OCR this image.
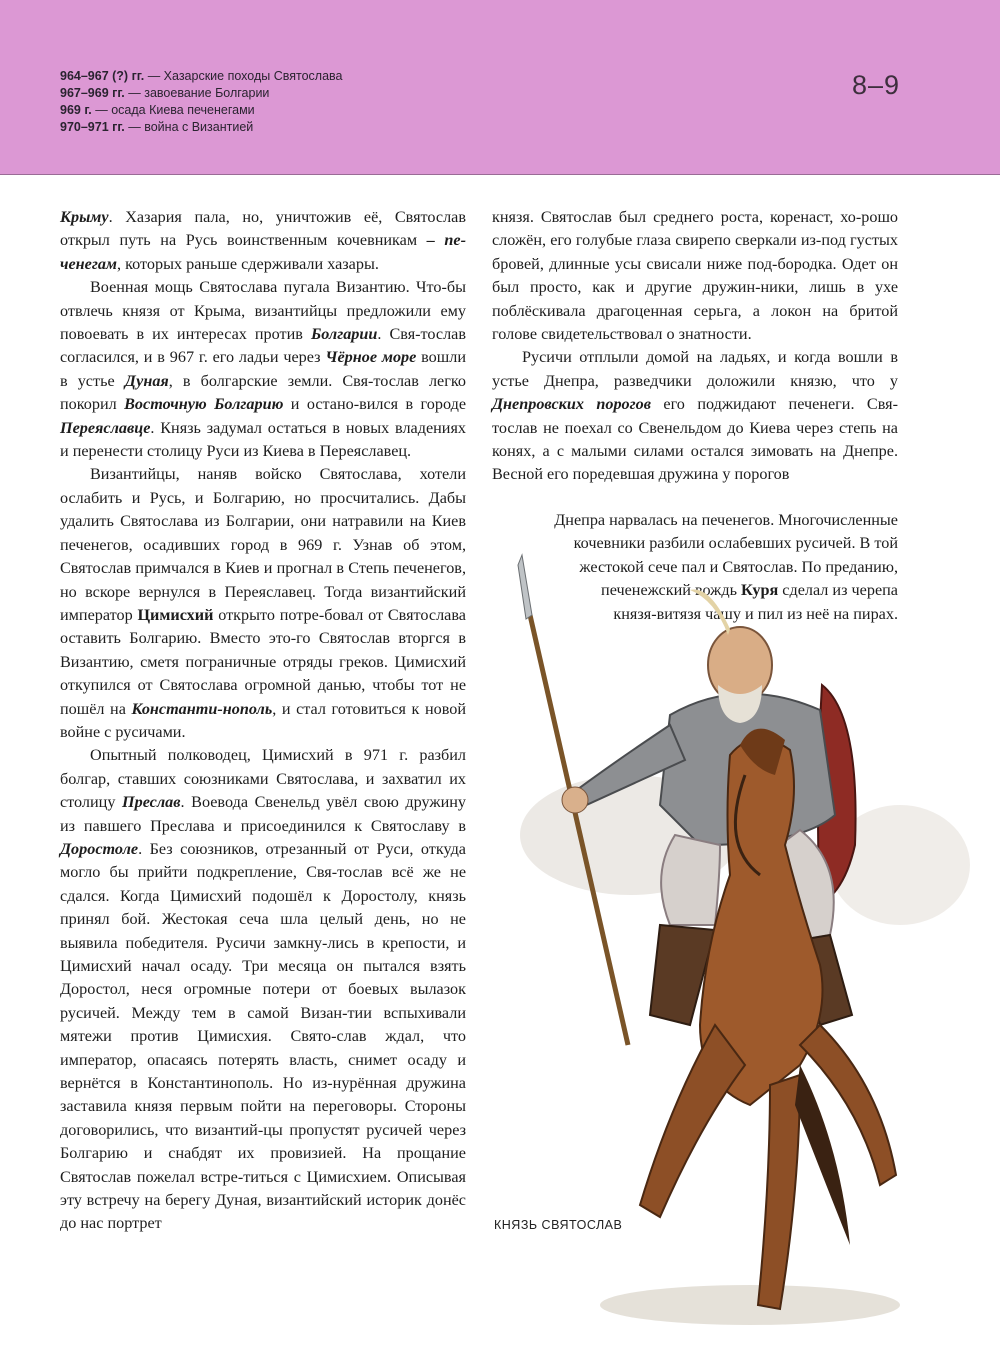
964–967 (?) гг. — Хазарские походы Святослава
967–969 гг. — завоевание Болгарии
969 г. — осада Киева печенегами
970–971 гг. — война с Византией
8–9

Крыму. Хазария пала, но, уничтожив её, Святослав открыл путь на Русь воинственным кочевникам – пе-ченегам, которых раньше сдерживали хазары.

Военная мощь Святослава пугала Византию. Что-бы отвлечь князя от Крыма, византийцы предложили ему повоевать в их интересах против Болгарии. Свя-тослав согласился, и в 967 г. его ладьи через Чёрное море вошли в устье Дуная, в болгарские земли. Свя-тослав легко покорил Восточную Болгарию и остано-вился в городе Переяславце. Князь задумал остаться в новых владениях и перенести столицу Руси из Киева в Переяславец.

Византийцы, наняв войско Святослава, хотели ослабить и Русь, и Болгарию, но просчитались. Дабы удалить Святослава из Болгарии, они натравили на Киев печенегов, осадивших город в 969 г. Узнав об этом, Святослав примчался в Киев и прогнал в Степь печенегов, но вскоре вернулся в Переяславец. Тогда византийский император Цимисхий открыто потре-бовал от Святослава оставить Болгарию. Вместо это-го Святослав вторгся в Византию, сметя пограничные отряды греков. Цимисхий откупился от Святослава огромной данью, чтобы тот не пошёл на Константи-нополь, и стал готовиться к новой войне с русичами.

Опытный полководец, Цимисхий в 971 г. разбил болгар, ставших союзниками Святослава, и захватил их столицу Преслав. Воевода Свенельд увёл свою дружину из павшего Преслава и присоединился к Святославу в Доростоле. Без союзников, отрезанный от Руси, откуда могло бы прийти подкрепление, Свя-тослав всё же не сдался. Когда Цимисхий подошёл к Доростолу, князь принял бой. Жестокая сеча шла целый день, но не выявила победителя. Русичи замкну-лись в крепости, и Цимисхий начал осаду. Три месяца он пытался взять Доростол, неся огромные потери от боевых вылазок русичей. Между тем в самой Визан-тии вспыхивали мятежи против Цимисхия. Свято-слав ждал, что император, опасаясь потерять власть, снимет осаду и вернётся в Константинополь. Но из-нурённая дружина заставила князя первым пойти на переговоры. Стороны договорились, что византий-цы пропустят русичей через Болгарию и снабдят их провизией. На прощание Святослав пожелал встре-титься с Цимисхием. Описывая эту встречу на берегу Дуная, византийский историк донёс до нас портрет

князя. Святослав был среднего роста, коренаст, хо-рошо сложён, его голубые глаза свирепо сверкали из-под густых бровей, длинные усы свисали ниже под-бородка. Одет он был просто, как и другие дружин-ники, лишь в ухе поблёскивала драгоценная серьга, а локон на бритой голове свидетельствовал о знатности.

Русичи отплыли домой на ладьях, и когда вошли в устье Днепра, разведчики доложили князю, что у Днепровских порогов его поджидают печенеги. Свя-тослав не поехал со Свенельдом до Киева через степь на конях, а с малыми силами остался зимовать на Днепре. Весной его поредевшая дружина у порогов

Днепра нарвалась на печенегов. Многочисленные

кочевники разбили ослабевших русичей. В той

жестокой сече пал и Святослав. По преданию,

печенежский вождь Куря сделал из черепа

князя-витязя чашу и пил из неё на пирах.

КНЯЗЬ СВЯТОСЛАВ
